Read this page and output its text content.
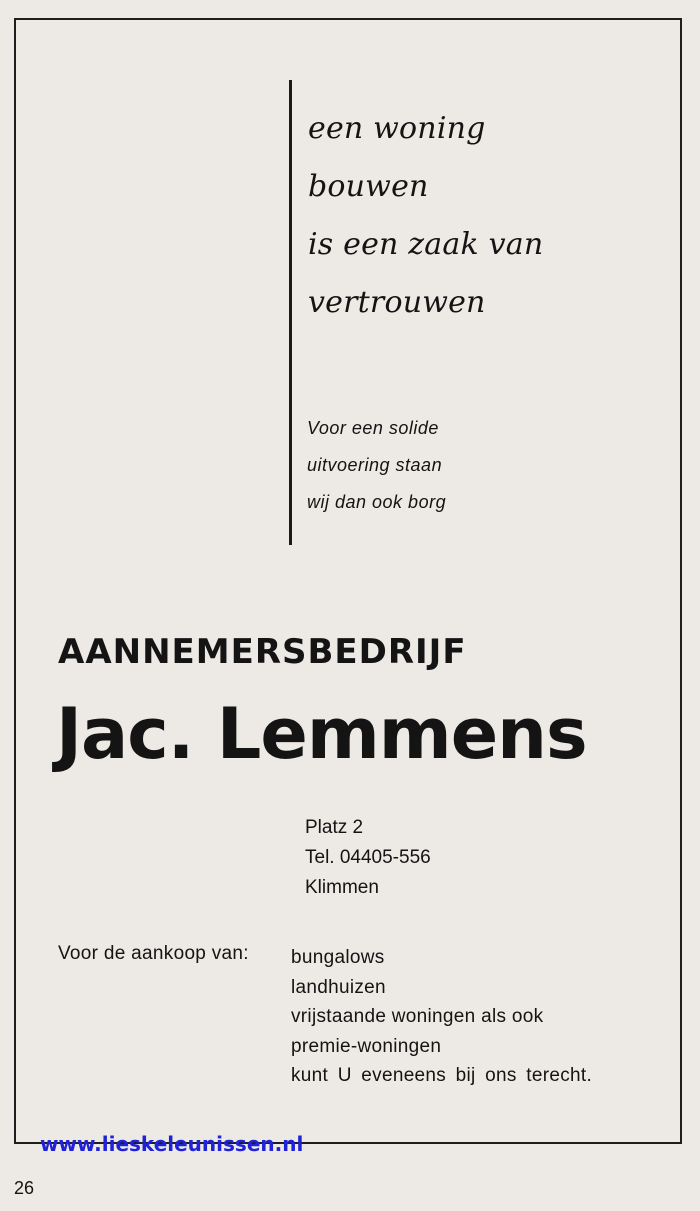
een woning
bouwen
is een zaak van
vertrouwen
Voor een solide
uitvoering staan
wij dan ook borg
AANNEMERSBEDRIJF
Jac. Lemmens
Platz 2
Tel. 04405-556
Klimmen
Voor de aankoop van: bungalows
landhuizen
vrijstaande woningen als ook
premie-woningen
kunt U eveneens bij ons terecht.
www.lieskeleunissen.nl
26
